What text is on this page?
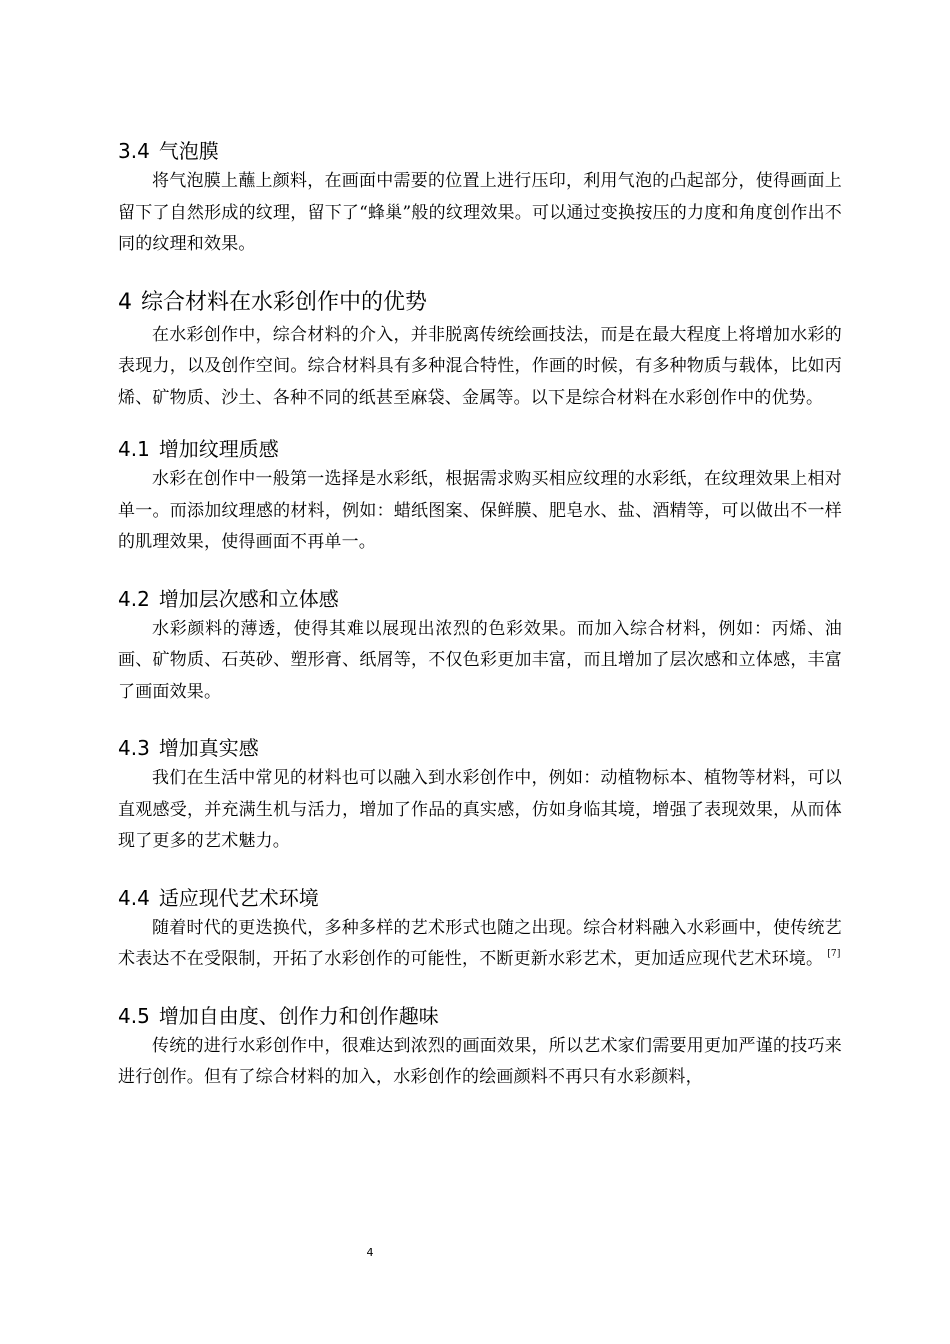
3.4 气泡膜

将气泡膜上蘸上颜料，在画面中需要的位置上进行压印，利用气泡的凸起部分，使得画面上留下了自然形成的纹理，留下了“蜂巢”般的纹理效果。可以通过变换按压的力度和角度创作出不同的纹理和效果。

4 综合材料在水彩创作中的优势

在水彩创作中，综合材料的介入，并非脱离传统绘画技法，而是在最大程度上将增加水彩的表现力，以及创作空间。综合材料具有多种混合特性，作画的时候，有多种物质与载体，比如丙烯、矿物质、沙土、各种不同的纸甚至麻袋、金属等。以下是综合材料在水彩创作中的优势。

4.1 增加纹理质感

水彩在创作中一般第一选择是水彩纸，根据需求购买相应纹理的水彩纸，在纹理效果上相对单一。而添加纹理感的材料，例如：蜡纸图案、保鲜膜、肥皂水、盐、酒精等，可以做出不一样的肌理效果，使得画面不再单一。

4.2 增加层次感和立体感

水彩颜料的薄透，使得其难以展现出浓烈的色彩效果。而加入综合材料，例如：丙烯、油画、矿物质、石英砂、塑形膏、纸屑等，不仅色彩更加丰富，而且增加了层次感和立体感，丰富了画面效果。

4.3 增加真实感

我们在生活中常见的材料也可以融入到水彩创作中，例如：动植物标本、植物等材料，可以直观感受，并充满生机与活力，增加了作品的真实感，仿如身临其境，增强了表现效果，从而体现了更多的艺术魅力。

4.4 适应现代艺术环境

随着时代的更迭换代，多种多样的艺术形式也随之出现。综合材料融入水彩画中，使传统艺术表达不在受限制，开拓了水彩创作的可能性，不断更新水彩艺术，更加适应现代艺术环境。 [7]

4.5 增加自由度、创作力和创作趣味

传统的进行水彩创作中，很难达到浓烈的画面效果，所以艺术家们需要用更加严谨的技巧来进行创作。但有了综合材料的加入，水彩创作的绘画颜料不再只有水彩颜料，

4
